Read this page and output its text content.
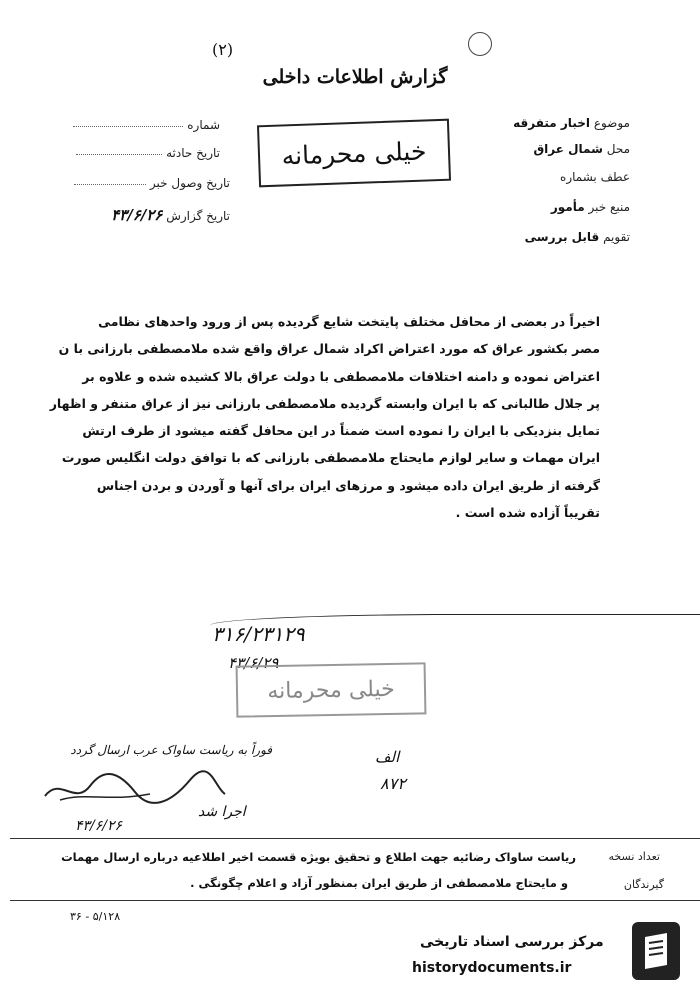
(۲)
گزارش اطلاعات داخلی
شماره
تاریخ حادثه
تاریخ وصول خبر
تاریخ گزارش ۴۳/۶/۲۶
خیلی محرمانه
موضوع اخبار متفرقه
محل شمال عراق
عطف بشماره
منبع خبر مأمور
تقویم قابل بررسی
اخیراً در بعضی از محافل مختلف پایتخت شایع گردیده پس از ورود واحدهای نظامی
مصر بکشور عراق که مورد اعتراض اکراد شمال عراق واقع شده ملامصطفی بارزانی با ن
اعتراض نموده و دامنه اختلافات ملامصطفی با دولت عراق بالا کشیده شده و علاوه بر
پر جلال طالبانی که با ایران وابسته گردیده ملامصطفی بارزانی نیز از عراق متنفر و اظهار
تمایل بنزدیکی با ایران را نموده است ضمناً در این محافل گفته میشود از طرف ارتش
ایران مهمات و سایر لوازم مایحتاج ملامصطفی بارزانی که با توافق دولت انگلیس صورت
گرفته از طریق ایران داده میشود و مرزهای ایران برای آنها و آوردن و بردن اجناس
تقریباً آزاده شده است .
۳۱۶/۲۳۱۲۹
۴۳/۶/۲۹
خیلی محرمانه
الف
۸۷۲
فوراً به ریاست ساواک عرب ارسال گردد
۴۳/۶/۲۶
اجرا شد
تعداد نسخه
ریاست ساواک رضائیه جهت اطلاع و تحقیق بویژه قسمت اخیر اطلاعیه درباره ارسال مهمات
گیرندگان
و مایحتاج ملامصطفی از طریق ایران بمنظور آزاد و اعلام چگونگی .
۳۶ - ۵/۱۲۸
مرکز بررسی اسناد تاریخی
historydocuments.ir
